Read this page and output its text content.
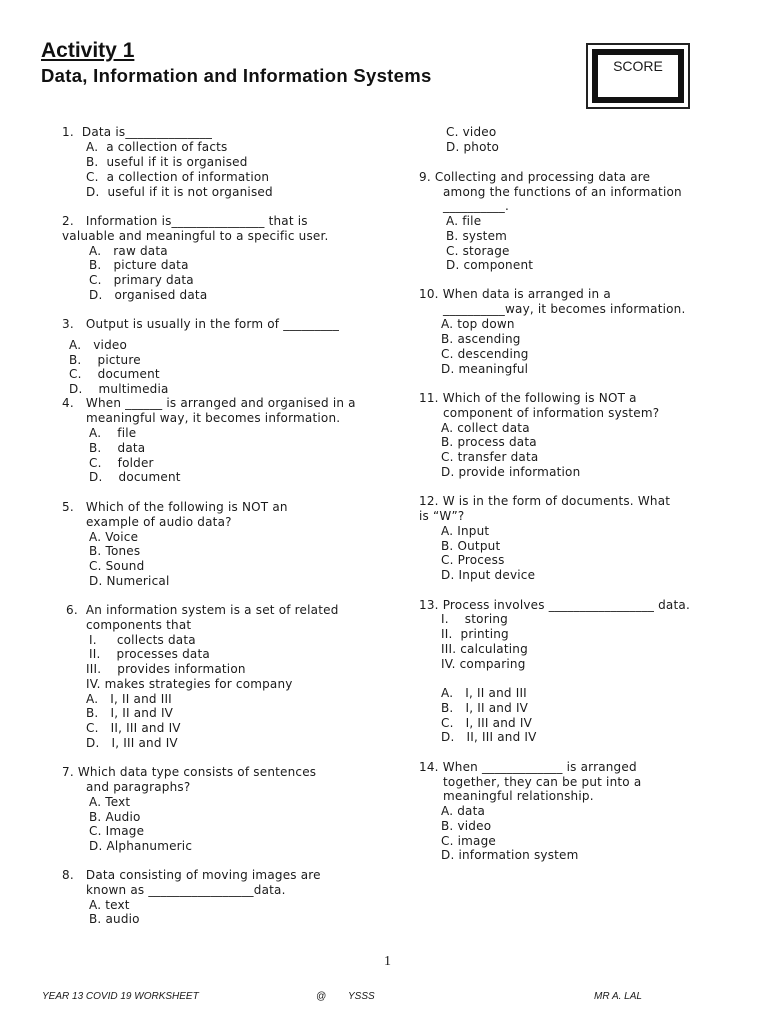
Activity 1
Data, Information and Information Systems	SCORE
1.  Data is______________
A.  a collection of facts
B.  useful if it is organised
C.  a collection of information
D.  useful if it is not organised
2.   Information is_______________ that is
valuable and meaningful to a specific user.
A.   raw data
B.   picture data
C.   primary data
D.   organised data
3.   Output is usually in the form of _________
A.   video
B.    picture
C.    document
D.    multimedia
4.   When ______ is arranged and organised in a
meaningful way, it becomes information.
A.    file
B.    data
C.    folder
D.    document
5.   Which of the following is NOT an
example of audio data?
A. Voice
B. Tones
C. Sound
D. Numerical
6.  An information system is a set of related
components that
I.     collects data
II.    processes data
III.    provides information
IV. makes strategies for company
A.   I, II and III
B.   I, II and IV
C.   II, III and IV
D.   I, III and IV
7. Which data type consists of sentences
and paragraphs?
A. Text
B. Audio
C. Image
D. Alphanumeric
8.   Data consisting of moving images are
known as _________________data.
A. text
B. audio
C. video
D. photo
9. Collecting and processing data are
among the functions of an information
__________.
A. file
B. system
C. storage
D. component
10. When data is arranged in a
__________way, it becomes information.
A. top down
B. ascending
C. descending
D. meaningful
11. Which of the following is NOT a
component of information system?
A. collect data
B. process data
C. transfer data
D. provide information
12. W is in the form of documents. What
is “W”?
A. Input
B. Output
C. Process
D. Input device
13. Process involves _________________ data.
I.    storing
II.  printing
III. calculating
IV. comparing
A.   I, II and III
B.   I, II and IV
C.   I, III and IV
D.   II, III and IV
14. When _____________ is arranged
together, they can be put into a
meaningful relationship.
A. data
B. video
C. image
D. information system
1
YEAR 13 COVID 19 WORKSHEET	@ YSSS	MR A. LAL
